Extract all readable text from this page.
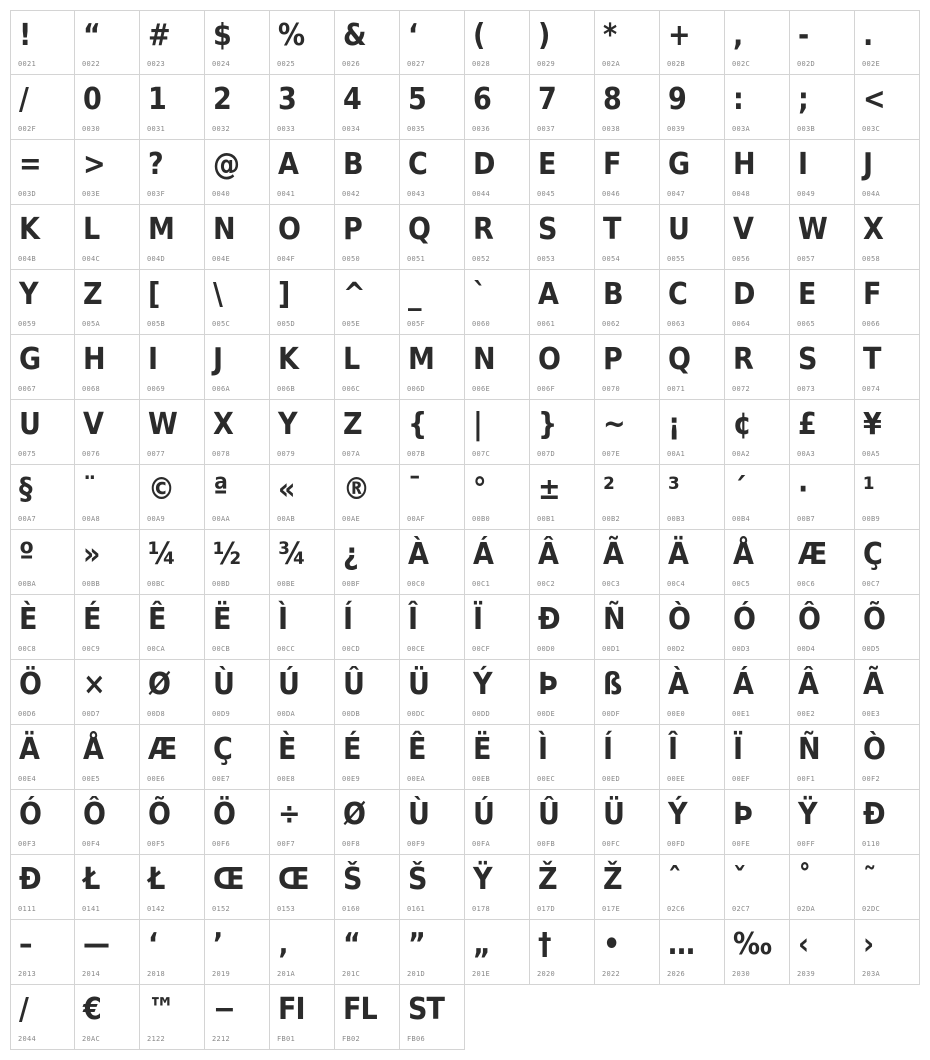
!
0021
“
0022
#
0023
$
0024
%
0025
&
0026
‘
0027
(
0028
)
0029
*
002A
+
002B
,
002C
-
002D
.
002E
/
002F
0
0030
1
0031
2
0032
3
0033
4
0034
5
0035
6
0036
7
0037
8
0038
9
0039
:
003A
;
003B
<
003C
=
003D
>
003E
?
003F
@
0040
A
0041
B
0042
C
0043
D
0044
E
0045
F
0046
G
0047
H
0048
I
0049
J
004A
K
004B
L
004C
M
004D
N
004E
O
004F
P
0050
Q
0051
R
0052
S
0053
T
0054
U
0055
V
0056
W
0057
X
0058
Y
0059
Z
005A
[
005B
\
005C
]
005D
^
005E
_
005F
`
0060
A
0061
B
0062
C
0063
D
0064
E
0065
F
0066
G
0067
H
0068
I
0069
J
006A
K
006B
L
006C
M
006D
N
006E
O
006F
P
0070
Q
0071
R
0072
S
0073
T
0074
U
0075
V
0076
W
0077
X
0078
Y
0079
Z
007A
{
007B
|
007C
}
007D
~
007E
¡
00A1
¢
00A2
£
00A3
¥
00A5
§
00A7
¨
00A8
©
00A9
ª
00AA
«
00AB
®
00AE
¯
00AF
°
00B0
±
00B1
²
00B2
³
00B3
´
00B4
·
00B7
¹
00B9
º
00BA
»
00BB
¼
00BC
½
00BD
¾
00BE
¿
00BF
À
00C0
Á
00C1
Â
00C2
Ã
00C3
Ä
00C4
Å
00C5
Æ
00C6
Ç
00C7
È
00C8
É
00C9
Ê
00CA
Ë
00CB
Ì
00CC
Í
00CD
Î
00CE
Ï
00CF
Ð
00D0
Ñ
00D1
Ò
00D2
Ó
00D3
Ô
00D4
Õ
00D5
Ö
00D6
×
00D7
Ø
00D8
Ù
00D9
Ú
00DA
Û
00DB
Ü
00DC
Ý
00DD
Þ
00DE
ß
00DF
À
00E0
Á
00E1
Â
00E2
Ã
00E3
Ä
00E4
Å
00E5
Æ
00E6
Ç
00E7
È
00E8
É
00E9
Ê
00EA
Ë
00EB
Ì
00EC
Í
00ED
Î
00EE
Ï
00EF
Ñ
00F1
Ò
00F2
Ó
00F3
Ô
00F4
Õ
00F5
Ö
00F6
÷
00F7
Ø
00F8
Ù
00F9
Ú
00FA
Û
00FB
Ü
00FC
Ý
00FD
Þ
00FE
Ÿ
00FF
Đ
0110
Đ
0111
Ł
0141
Ł
0142
Œ
0152
Œ
0153
Š
0160
Š
0161
Ÿ
0178
Ž
017D
Ž
017E
ˆ
02C6
ˇ
02C7
˚
02DA
˜
02DC
–
2013
—
2014
‘
2018
’
2019
‚
201A
“
201C
”
201D
„
201E
†
2020
•
2022
…
2026
‰
2030
‹
2039
›
203A
/
2044
€
20AC
™
2122
−
2212
FI
FB01
FL
FB02
ST
FB06
